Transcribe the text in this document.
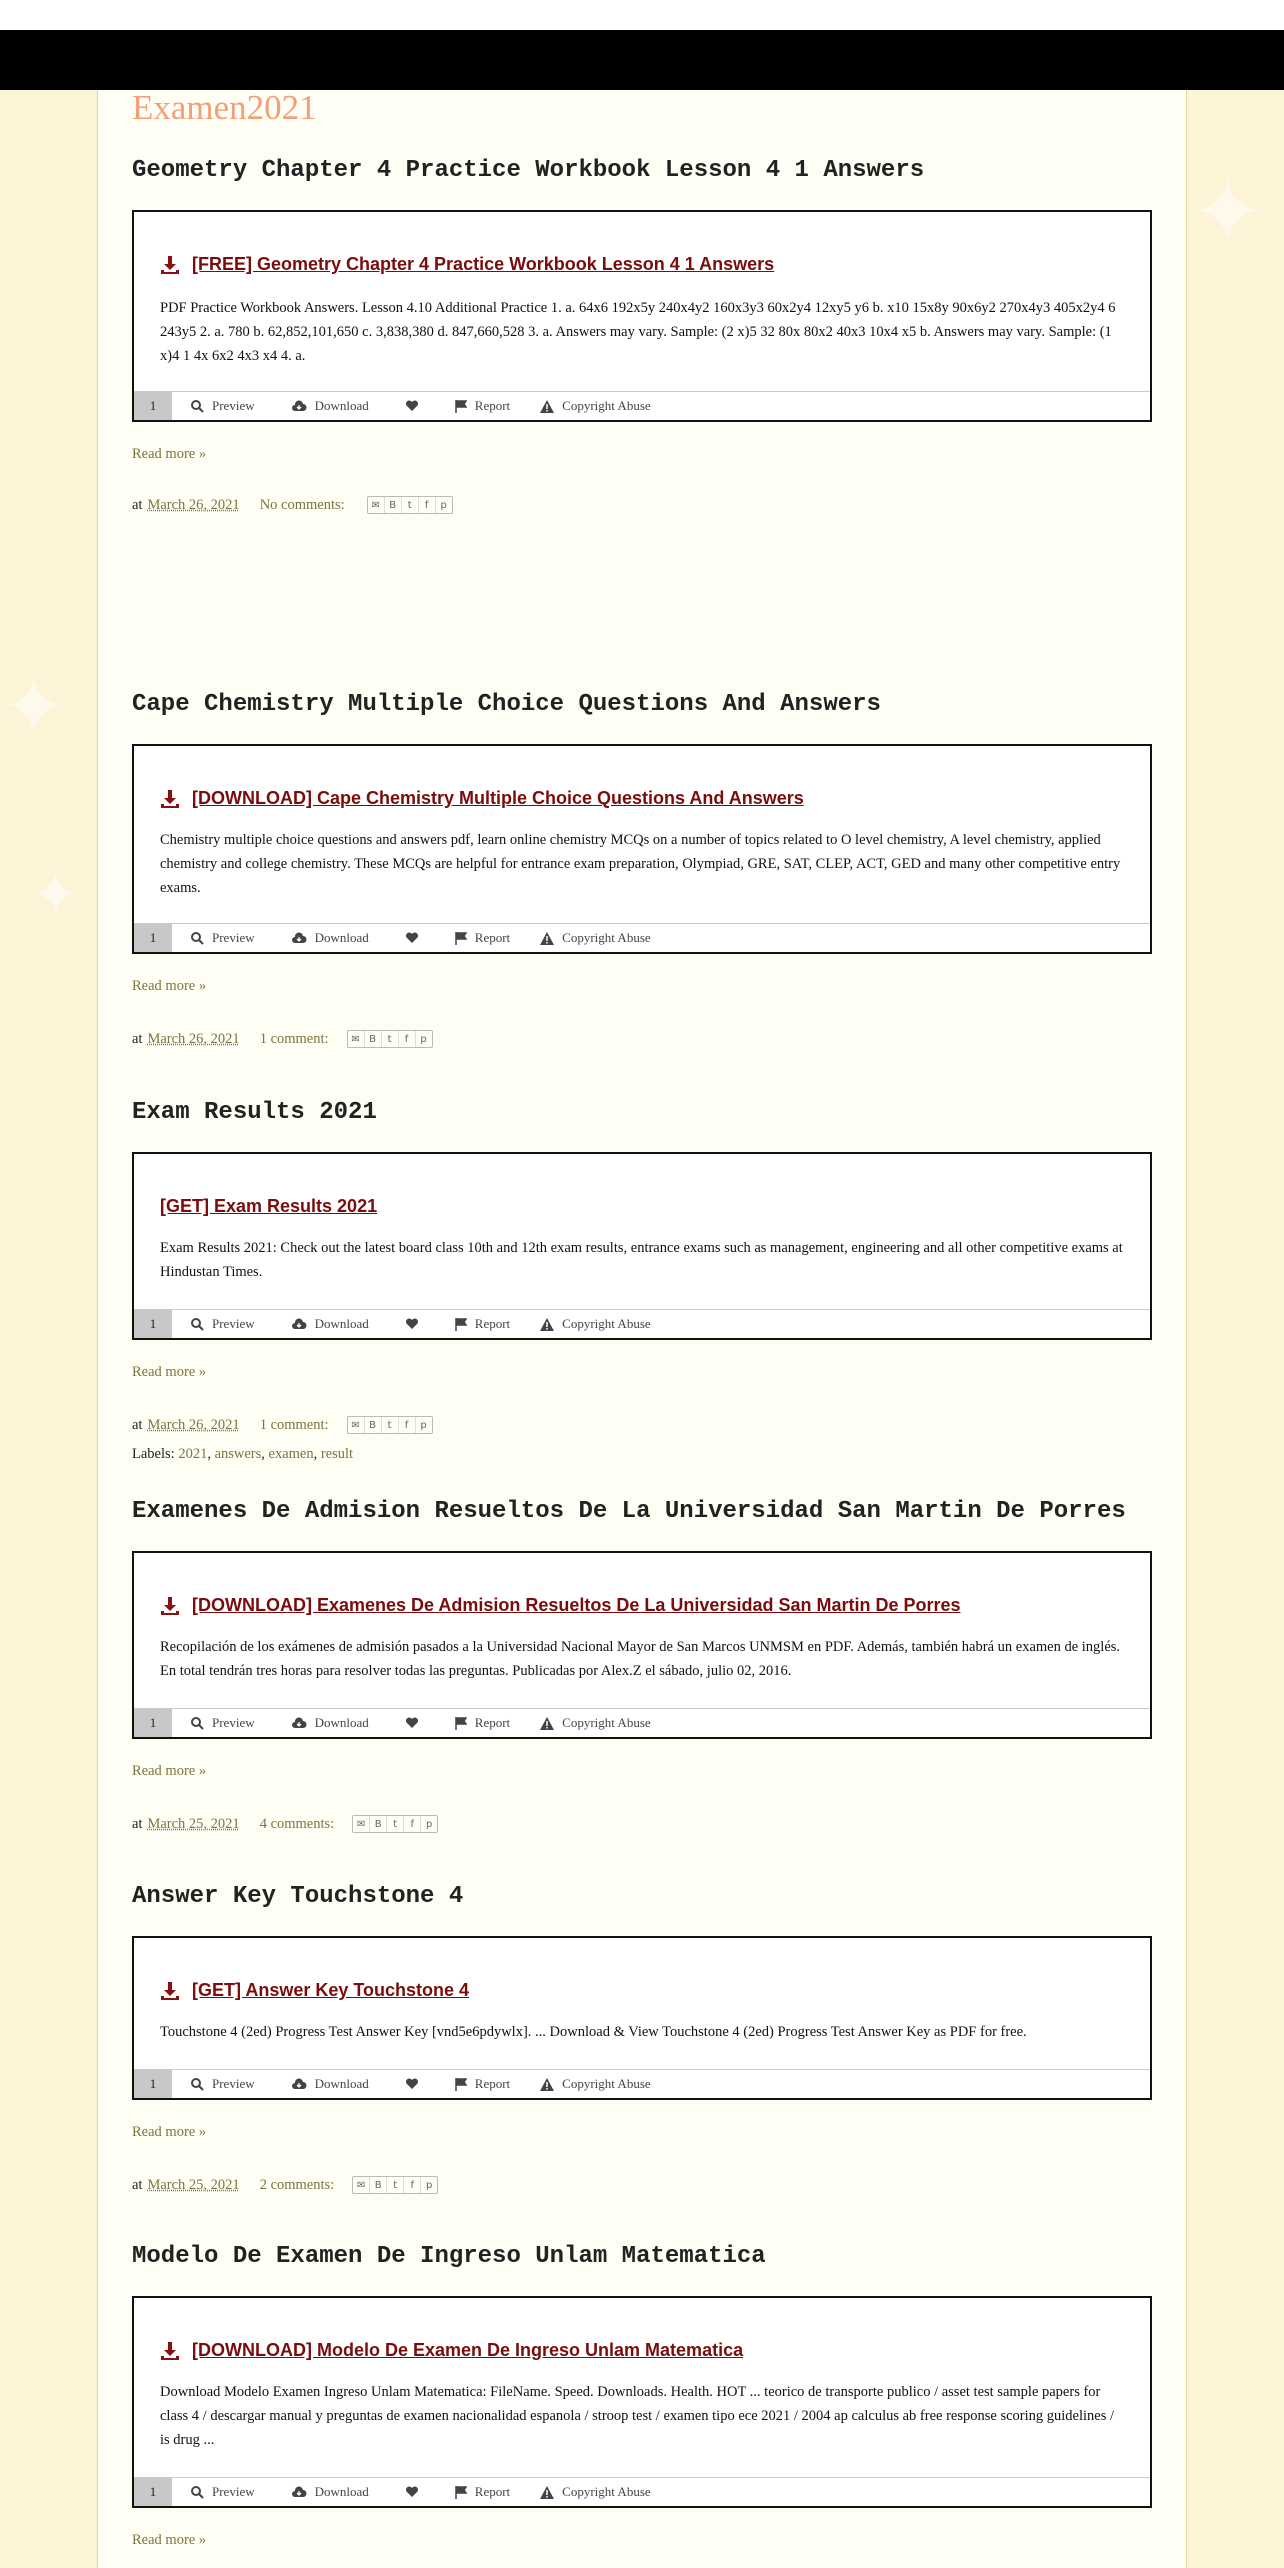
✦
✦
✦
Examen2021
Geometry Chapter 4 Practice Workbook Lesson 4 1 Answers
[FREE] Geometry Chapter 4 Practice Workbook Lesson 4 1 Answers
PDF Practice Workbook Answers. Lesson 4.10 Additional Practice 1. a. 64x6 192x5y 240x4y2 160x3y3 60x2y4 12xy5 y6 b. x10 15x8y 90x6y2 270x4y3 405x2y4 6 243y5 2. a. 780 b. 62,852,101,650 c. 3,838,380 d. 847,660,528 3. a. Answers may vary. Sample: (2 x)5 32 80x 80x2 40x3 10x4 x5 b. Answers may vary. Sample: (1 x)4 1 4x 6x2 4x3 x4 4. a.
1	Preview	Download	Report	Copyright Abuse
Read more »
at March 26, 2021 No comments:	✉ B	t	f	p
Cape Chemistry Multiple Choice Questions And Answers
[DOWNLOAD] Cape Chemistry Multiple Choice Questions And Answers
Chemistry multiple choice questions and answers pdf, learn online chemistry MCQs on a number of topics related to O level chemistry, A level chemistry, applied chemistry and college chemistry. These MCQs are helpful for entrance exam preparation, Olympiad, GRE, SAT, CLEP, ACT, GED and many other competitive entry exams.
1	Preview	Download	Report	Copyright Abuse
Read more »
at March 26, 2021 1 comment:	✉ B	t	f	p
Exam Results 2021
[GET] Exam Results 2021
Exam Results 2021: Check out the latest board class 10th and 12th exam results, entrance exams such as management, engineering and all other competitive exams at Hindustan Times.
1	Preview	Download	Report	Copyright Abuse
Read more »
at March 26, 2021 1 comment:	✉ B	t	f	p
Labels: 2021, answers, examen, result
Examenes De Admision Resueltos De La Universidad San Martin De Porres
[DOWNLOAD] Examenes De Admision Resueltos De La Universidad San Martin De Porres
Recopilación de los exámenes de admisión pasados a la Universidad Nacional Mayor de San Marcos UNMSM en PDF. Además, también habrá un examen de inglés. En total tendrán tres horas para resolver todas las preguntas. Publicadas por Alex.Z el sábado, julio 02, 2016.
1	Preview	Download	Report	Copyright Abuse
Read more »
at March 25, 2021 4 comments:	✉ B	t	f	p
Answer Key Touchstone 4
[GET] Answer Key Touchstone 4
Touchstone 4 (2ed) Progress Test Answer Key [vnd5e6pdywlx]. ... Download & View Touchstone 4 (2ed) Progress Test Answer Key as PDF for free.
1	Preview	Download	Report	Copyright Abuse
Read more »
at March 25, 2021 2 comments:	✉ B	t	f	p
Modelo De Examen De Ingreso Unlam Matematica
[DOWNLOAD] Modelo De Examen De Ingreso Unlam Matematica
Download Modelo Examen Ingreso Unlam Matematica: FileName. Speed. Downloads. Health. HOT ... teorico de transporte publico / asset test sample papers for class 4 / descargar manual y preguntas de examen nacionalidad espanola / stroop test / examen tipo ece 2021 / 2004 ap calculus ab free response scoring guidelines / is drug ...
1	Preview	Download	Report	Copyright Abuse
Read more »
